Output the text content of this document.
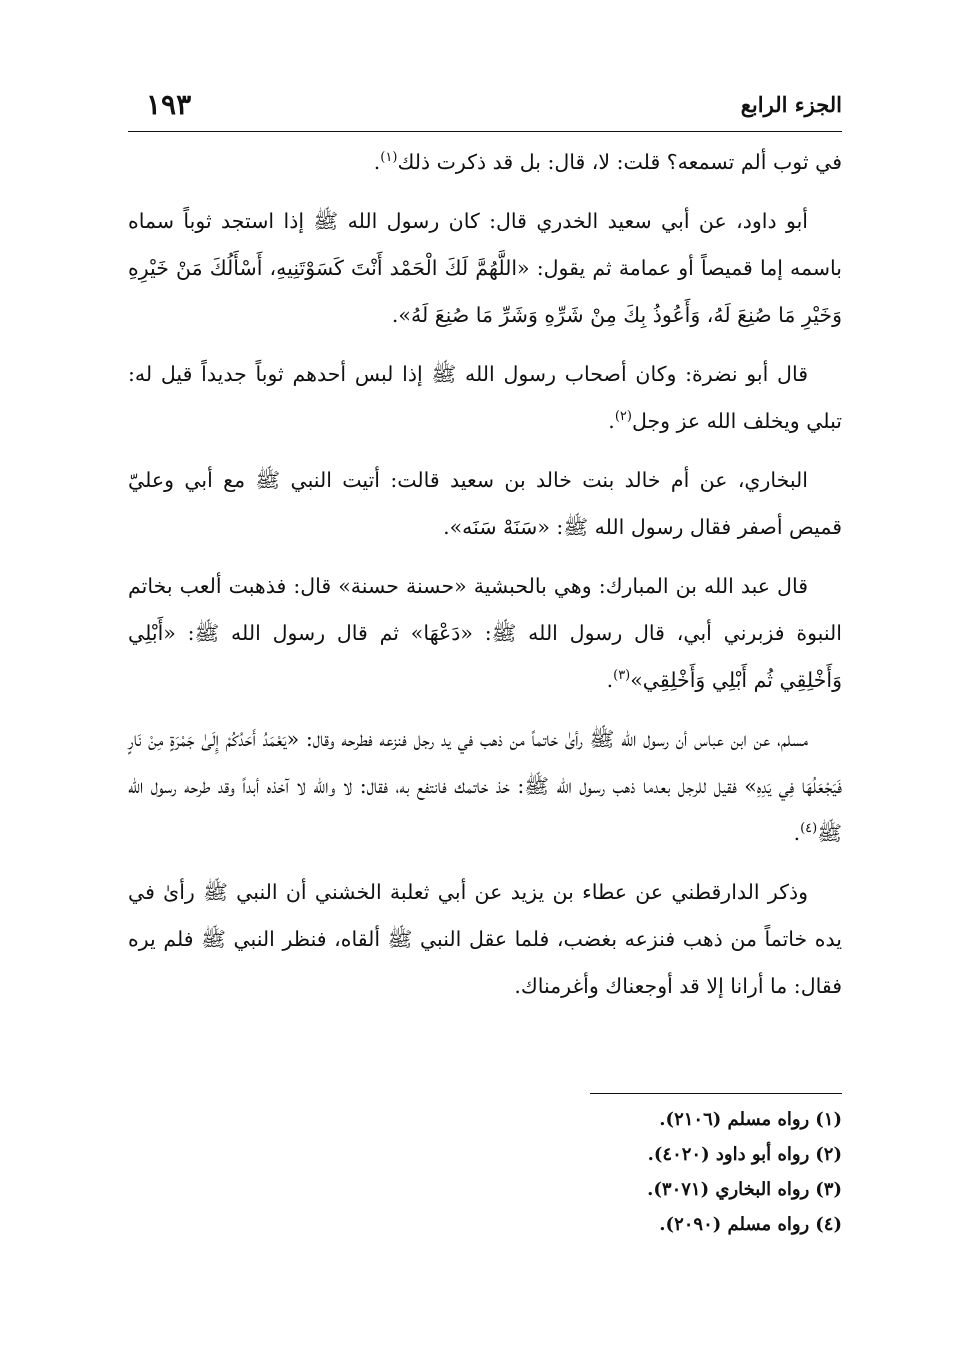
الجزء الرابع
١٩٣

في ثوب ألم تسمعه؟ قلت: لا، قال: بل قد ذكرت ذلك$^{(١)}$.

أبو داود، عن أبي سعيد الخدري قال: كان رسول الله ﷺ إذا استجد ثوباً سماه باسمه إما قميصاً أو عمامة ثم يقول: «اللَّهُمَّ لَكَ الْحَمْد أَنْتَ كَسَوْتَنِيهِ، أَسْأَلُكَ مَنْ خَيْرِهِ وَخَيْرِ مَا صُنِعَ لَهُ، وَأَعُوذُ بِكَ مِنْ شَرِّهِ وَشَرِّ مَا صُنِعَ لَهُ».

قال أبو نضرة: وكان أصحاب رسول الله ﷺ إذا لبس أحدهم ثوباً جديداً قيل له: تبلي ويخلف الله عز وجل$^{(٢)}$.

البخاري، عن أم خالد بنت خالد بن سعيد قالت: أتيت النبي ﷺ مع أبي وعليّ قميص أصفر فقال رسول الله ﷺ: «سَنَهْ سَنَه».

قال عبد الله بن المبارك: وهي بالحبشية «حسنة حسنة» قال: فذهبت ألعب بخاتم النبوة فزبرني أبي، قال رسول الله ﷺ: «دَعْهَا» ثم قال رسول الله ﷺ: «أَبْلِي وَأَخْلِقِي ثُم أَبْلِي وَأَخْلِقِي»$^{(٣)}$.

مسلم، عن ابن عباس أن رسول الله ﷺ رأىٰ خاتماً من ذهب في يد رجل فنزعه فطرحه وقال: «يَعْمَدُ أَحَدُكُمْ إِلَىٰ جَمْرَةٍ مِنْ نَارٍ فَيَجْعَلُهَا فِي يَدِهِ» فقيل للرجل بعدما ذهب رسول الله ﷺ: خذ خاتمك فانتفع به، فقال: لا والله لا آخذه أبداً وقد طرحه رسول الله ﷺ$^{(٤)}$.

وذكر الدارقطني عن عطاء بن يزيد عن أبي ثعلبة الخشني أن النبي ﷺ رأىٰ في يده خاتماً من ذهب فنزعه بغضب، فلما عقل النبي ﷺ ألقاه، فنظر النبي ﷺ فلم يره فقال: ما أرانا إلا قد أوجعناك وأغرمناك.

(١)رواه مسلم (٢١٠٦).
(٢)رواه أبو داود (٤٠٢٠).
(٣)رواه البخاري (٣٠٧١).
(٤)رواه مسلم (٢٠٩٠).
